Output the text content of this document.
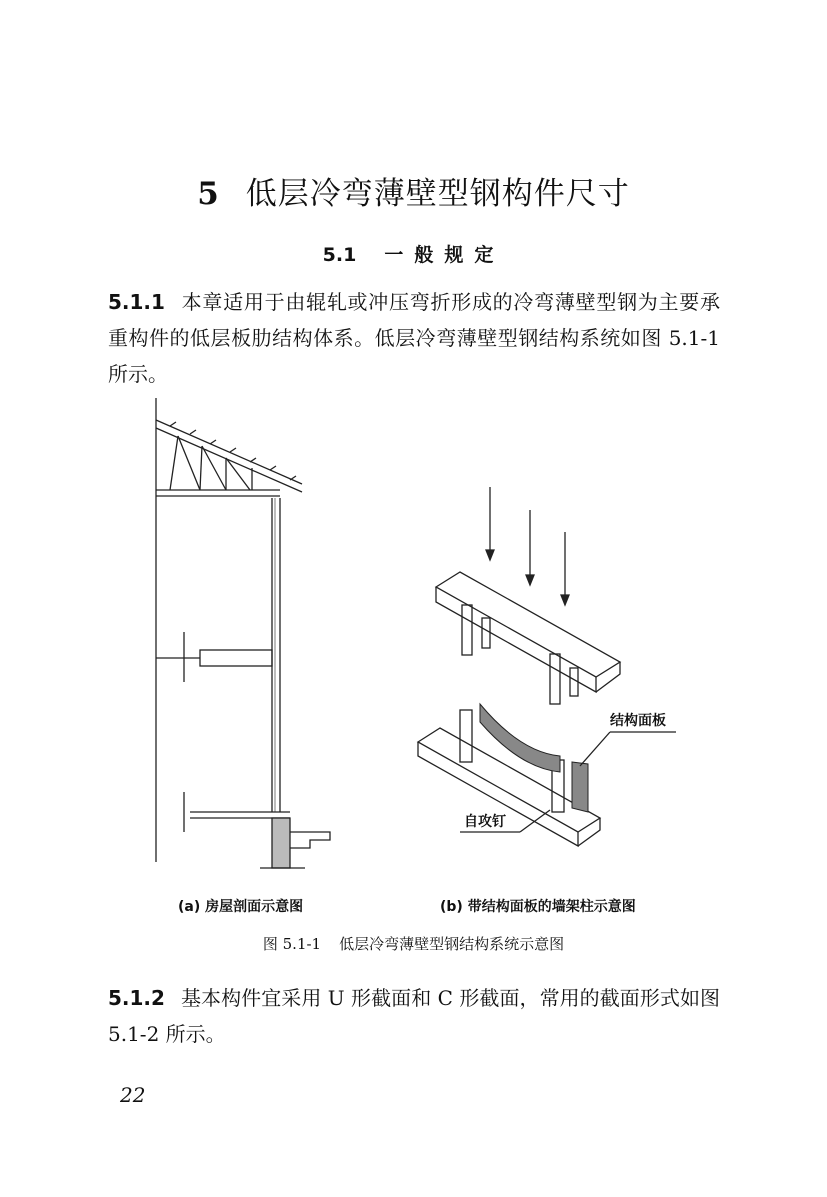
5 低层冷弯薄壁型钢构件尺寸
5.1 一般规定
5.1.1 本章适用于由辊轧或冲压弯折形成的冷弯薄壁型钢为主要承重构件的低层板肋结构体系。低层冷弯薄壁型钢结构系统如图 5.1-1 所示。
结构面板
自攻钉
(a) 房屋剖面示意图	(b) 带结构面板的墙架柱示意图
图 5.1-1 低层冷弯薄壁型钢结构系统示意图
5.1.2 基本构件宜采用 U 形截面和 C 形截面，常用的截面形式如图 5.1-2 所示。
22
